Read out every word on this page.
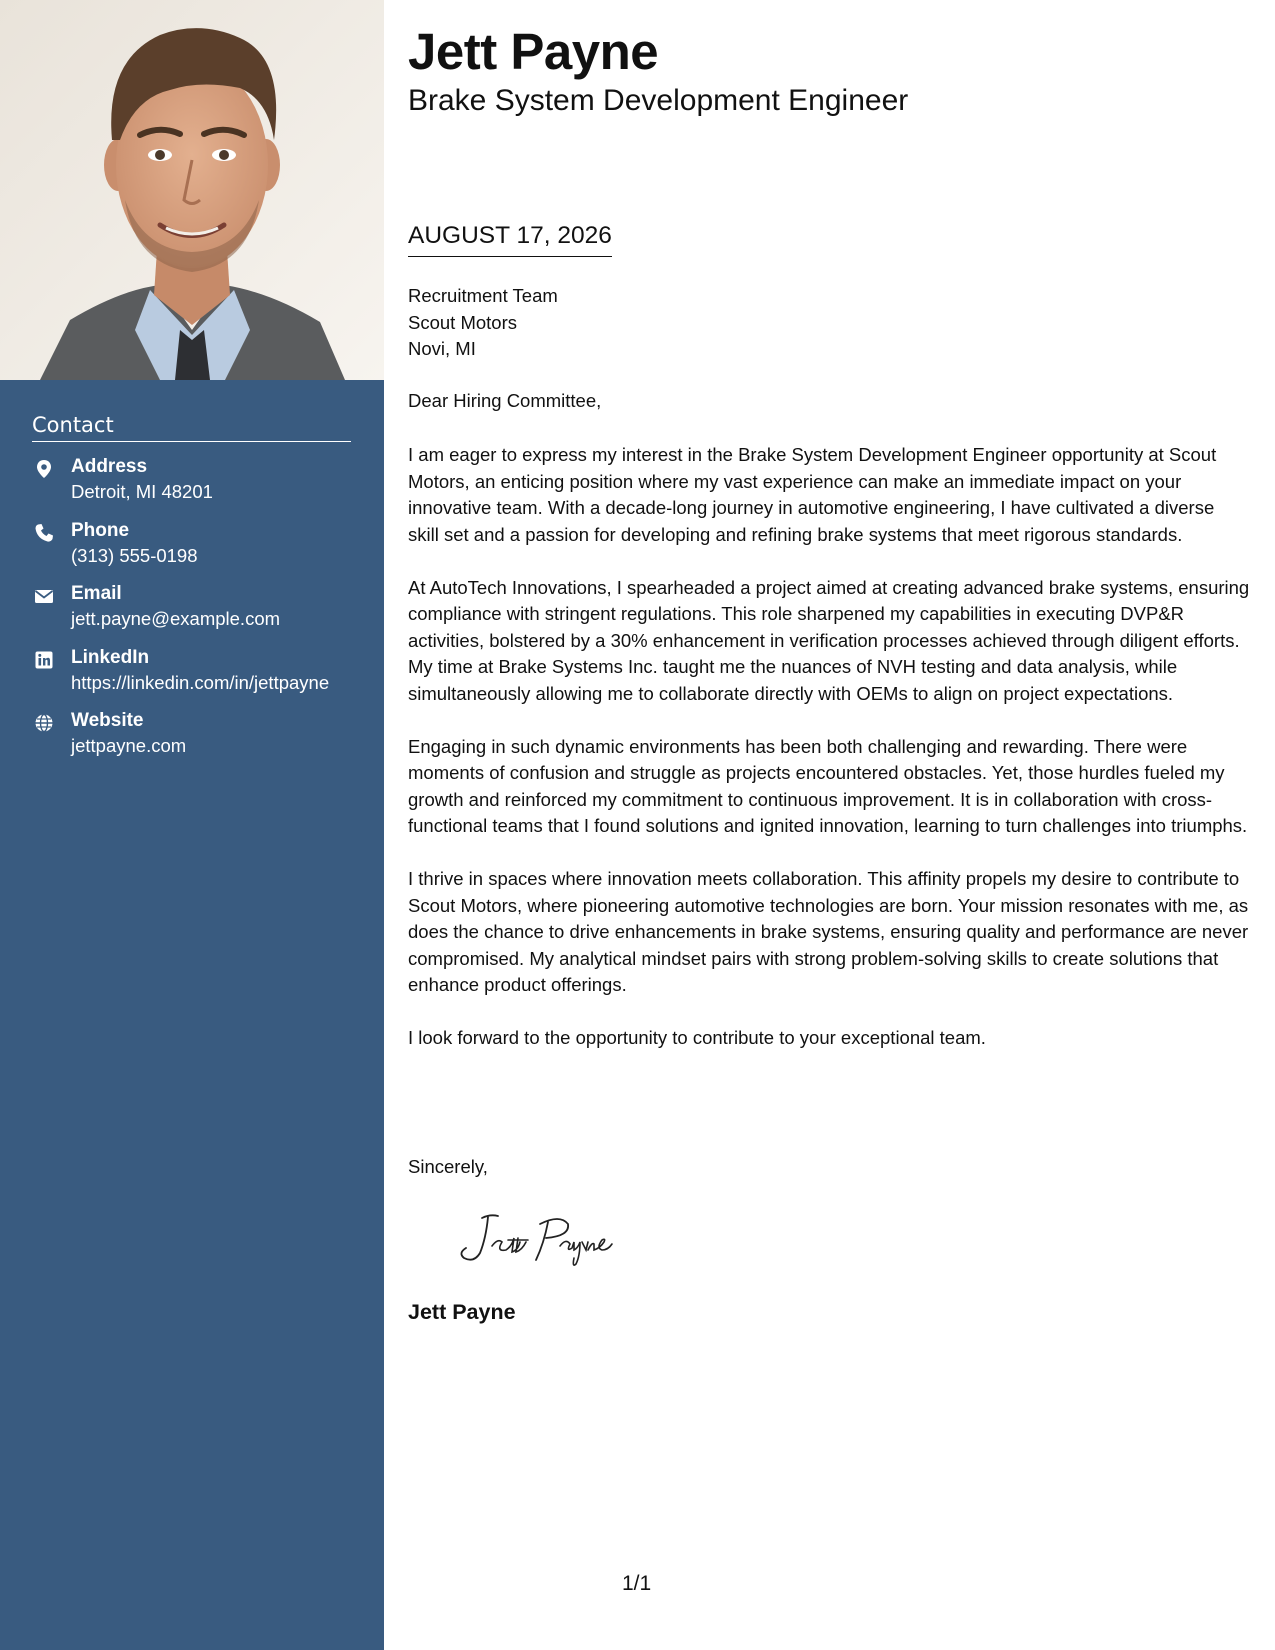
Contact
Address
Detroit, MI 48201
Phone
(313) 555-0198
Email
jett.payne@example.com
LinkedIn
https://linkedin.com/in/jettpayne
Website
jettpayne.com
Jett Payne
Brake System Development Engineer
AUGUST 17, 2026
Recruitment Team
Scout Motors
Novi, MI
Dear Hiring Committee,

I am eager to express my interest in the Brake System Development Engineer opportunity at Scout Motors, an enticing position where my vast experience can make an immediate impact on your innovative team. With a decade-long journey in automotive engineering, I have cultivated a diverse skill set and a passion for developing and refining brake systems that meet rigorous standards.

At AutoTech Innovations, I spearheaded a project aimed at creating advanced brake systems, ensuring compliance with stringent regulations. This role sharpened my capabilities in executing DVP&R activities, bolstered by a 30% enhancement in verification processes achieved through diligent efforts. My time at Brake Systems Inc. taught me the nuances of NVH testing and data analysis, while simultaneously allowing me to collaborate directly with OEMs to align on project expectations.

Engaging in such dynamic environments has been both challenging and rewarding. There were moments of confusion and struggle as projects encountered obstacles. Yet, those hurdles fueled my growth and reinforced my commitment to continuous improvement. It is in collaboration with cross-functional teams that I found solutions and ignited innovation, learning to turn challenges into triumphs.

I thrive in spaces where innovation meets collaboration. This affinity propels my desire to contribute to Scout Motors, where pioneering automotive technologies are born. Your mission resonates with me, as does the chance to drive enhancements in brake systems, ensuring quality and performance are never compromised. My analytical mindset pairs with strong problem-solving skills to create solutions that enhance product offerings.

I look forward to the opportunity to contribute to your exceptional team.

Sincerely,
Jett Payne
1/1
